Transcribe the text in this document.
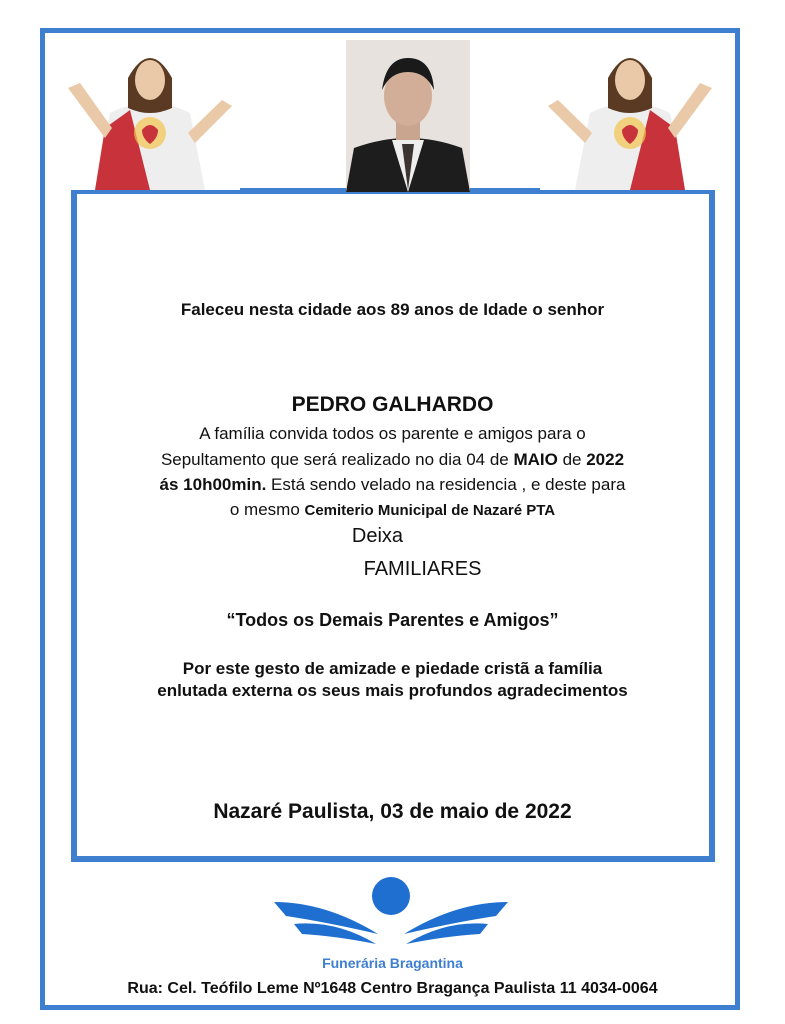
Faleceu nesta cidade aos 89 anos de Idade o senhor
PEDRO GALHARDO
A família convida todos os parente e amigos para o
Sepultamento que será realizado no dia 04 de MAIO de 2022
ás 10h00min. Está sendo velado na residencia , e deste para
o mesmo Cemiterio Municipal de Nazaré PTA
Deixa
FAMILIARES
“Todos os Demais Parentes e Amigos”
Por este gesto de amizade e piedade cristã a família
enlutada externa os seus mais profundos agradecimentos
Nazaré Paulista, 03 de maio de 2022
Funerária Bragantina
Rua: Cel. Teófilo Leme Nº1648 Centro Bragança Paulista 11 4034-0064
